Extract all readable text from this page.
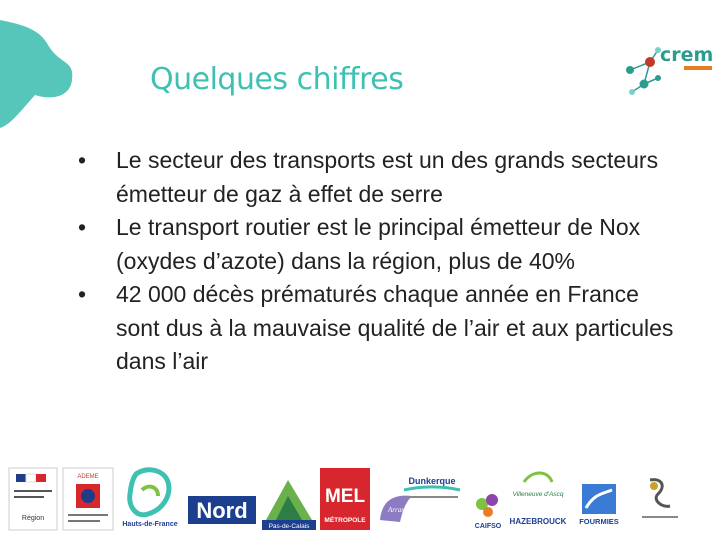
Quelques chiffres
crem
• Le secteur des transports est un des grands secteurs émetteur de gaz à effet de serre
• Le transport routier est le principal émetteur de Nox (oxydes d’azote) dans la région, plus de 40%
• 42 000 décès prématurés chaque année en France sont dus à la mauvaise qualité de l’air et aux particules dans l’air
Région
ADEME
Hauts-de-France
Nord
Pas-de-Calais
MEL
MÉTROPOLE
Arras
Dunkerque
CAIFSO
Villeneuve d'Ascq
HAZEBROUCK FOURMIES
